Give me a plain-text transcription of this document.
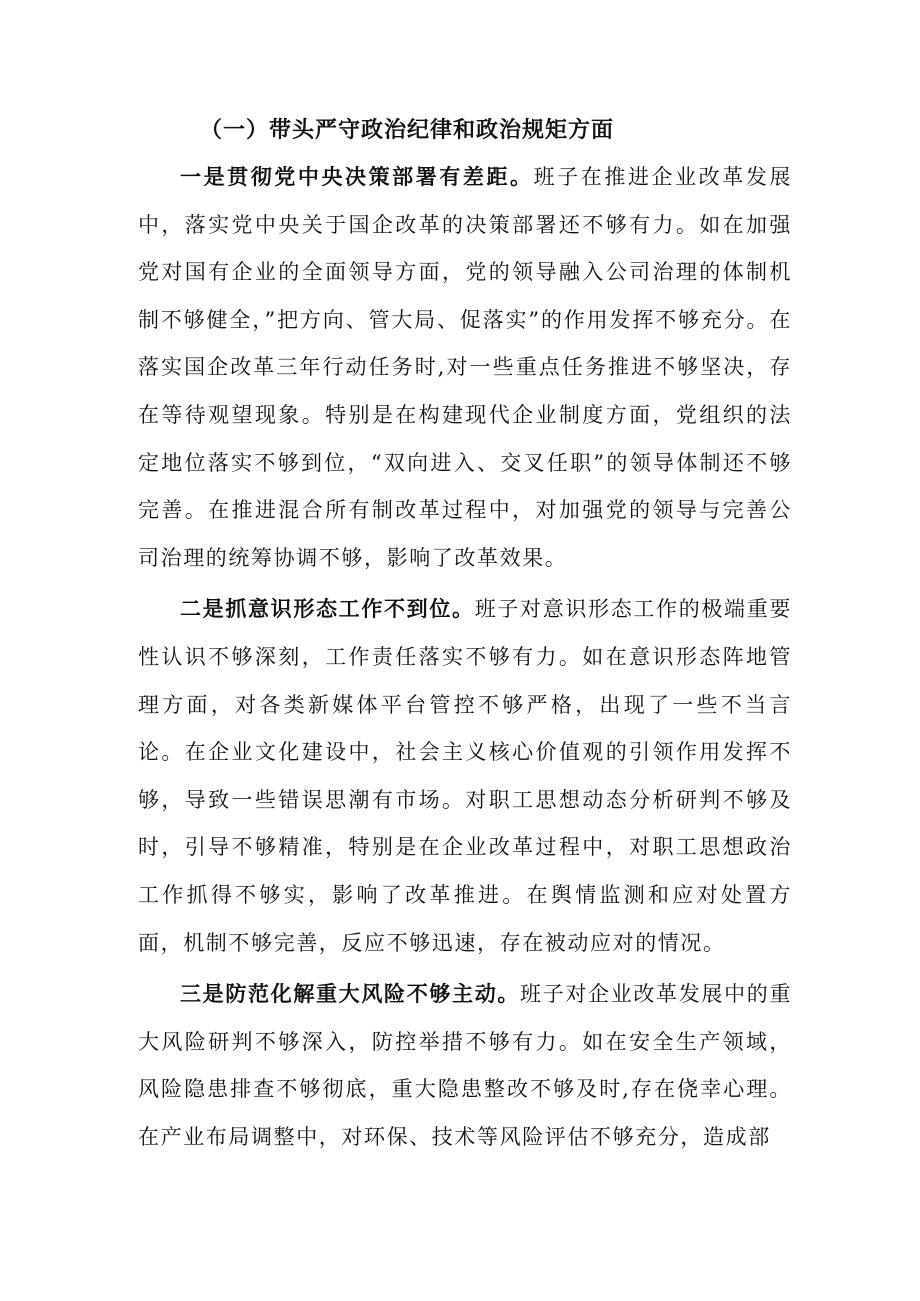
（一）带头严守政治纪律和政治规矩方面

一是贯彻党中央决策部署有差距。班子在推进企业改革发展中，落实党中央关于国企改革的决策部署还不够有力。如在加强党对国有企业的全面领导方面，党的领导融入公司治理的体制机制不够健全，”把方向、管大局、促落实”的作用发挥不够充分。在落实国企改革三年行动任务时,对一些重点任务推进不够坚决，存在等待观望现象。特别是在构建现代企业制度方面，党组织的法定地位落实不够到位，“双向进入、交叉任职”的领导体制还不够完善。在推进混合所有制改革过程中，对加强党的领导与完善公司治理的统筹协调不够，影响了改革效果。

二是抓意识形态工作不到位。班子对意识形态工作的极端重要性认识不够深刻，工作责任落实不够有力。如在意识形态阵地管理方面，对各类新媒体平台管控不够严格，出现了一些不当言论。在企业文化建设中，社会主义核心价值观的引领作用发挥不够，导致一些错误思潮有市场。对职工思想动态分析研判不够及时，引导不够精准，特别是在企业改革过程中，对职工思想政治工作抓得不够实，影响了改革推进。在舆情监测和应对处置方面，机制不够完善，反应不够迅速，存在被动应对的情况。

三是防范化解重大风险不够主动。班子对企业改革发展中的重大风险研判不够深入，防控举措不够有力。如在安全生产领域，风险隐患排查不够彻底，重大隐患整改不够及时,存在侥幸心理。在产业布局调整中，对环保、技术等风险评估不够充分，造成部
